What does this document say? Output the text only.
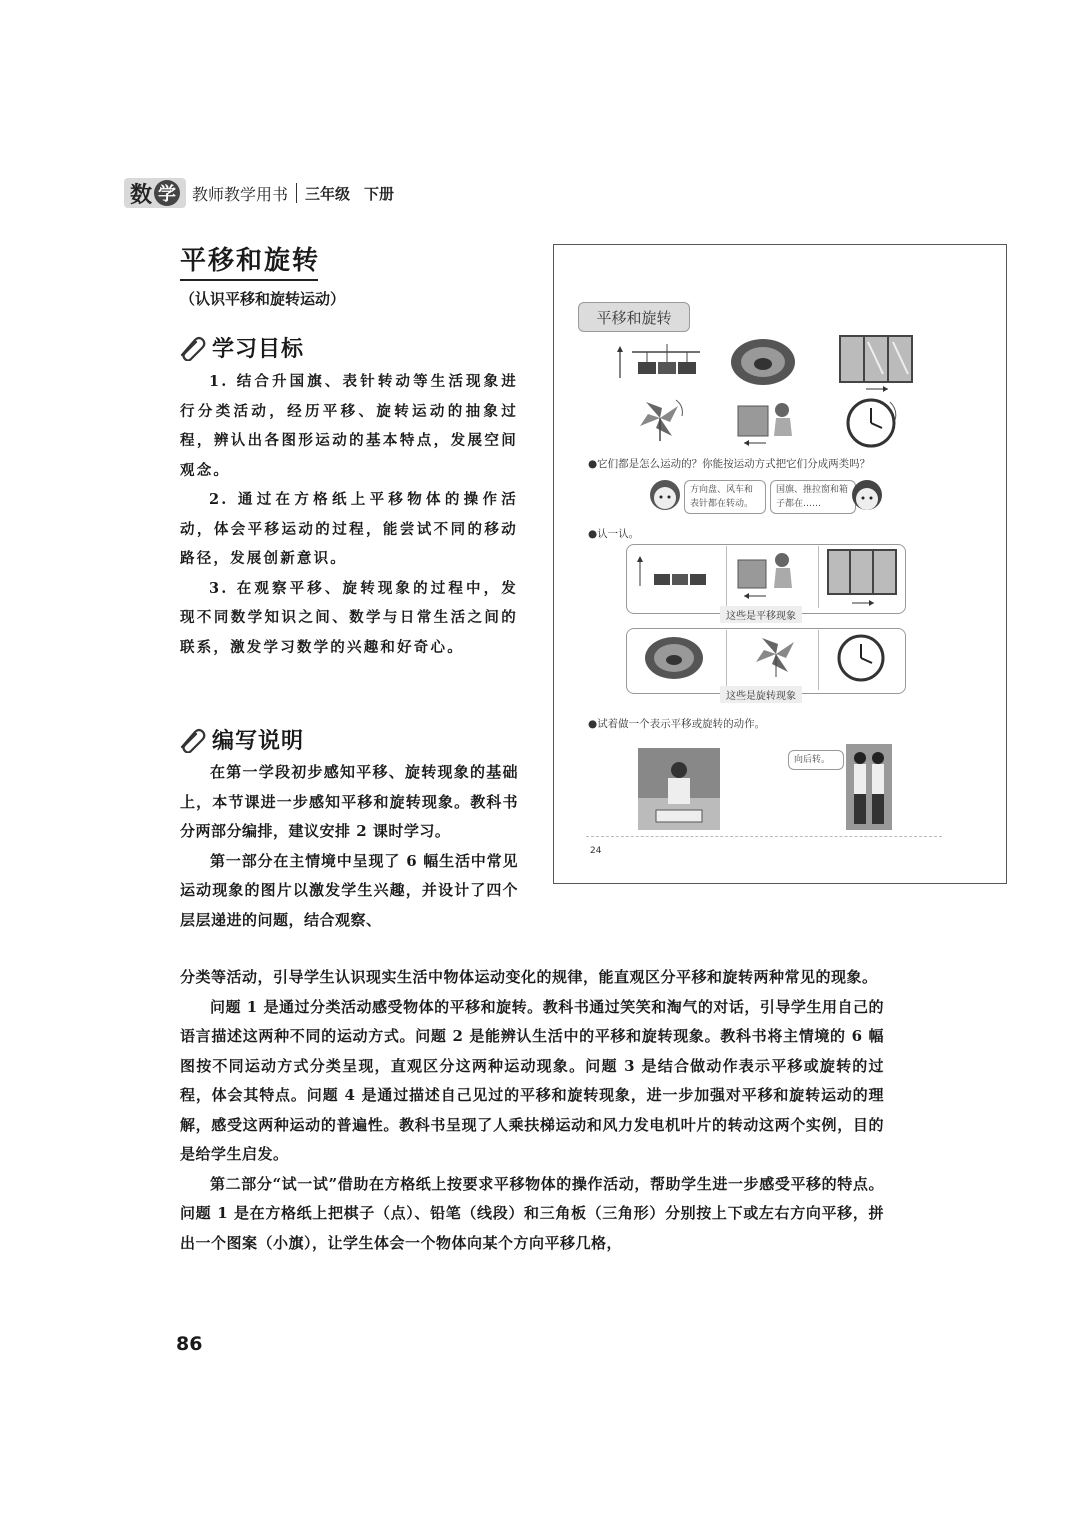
数 学 教师教学用书 三年级 下册
平移和旋转
（认识平移和旋转运动）
学习目标

1. 结合升国旗、表针转动等生活现象进行分类活动，经历平移、旋转运动的抽象过程，辨认出各图形运动的基本特点，发展空间观念。

2. 通过在方格纸上平移物体的操作活动，体会平移运动的过程，能尝试不同的移动路径，发展创新意识。

3. 在观察平移、旋转现象的过程中，发现不同数学知识之间、数学与日常生活之间的联系，激发学习数学的兴趣和好奇心。

编写说明

在第一学段初步感知平移、旋转现象的基础上，本节课进一步感知平移和旋转现象。教科书分两部分编排，建议安排 2 课时学习。

第一部分在主情境中呈现了 6 幅生活中常见运动现象的图片以激发学生兴趣，并设计了四个层层递进的问题，结合观察、

分类等活动，引导学生认识现实生活中物体运动变化的规律，能直观区分平移和旋转两种常见的现象。

问题 1 是通过分类活动感受物体的平移和旋转。教科书通过笑笑和淘气的对话，引导学生用自己的语言描述这两种不同的运动方式。问题 2 是能辨认生活中的平移和旋转现象。教科书将主情境的 6 幅图按不同运动方式分类呈现，直观区分这两种运动现象。问题 3 是结合做动作表示平移或旋转的过程，体会其特点。问题 4 是通过描述自己见过的平移和旋转现象，进一步加强对平移和旋转运动的理解，感受这两种运动的普遍性。教科书呈现了人乘扶梯运动和风力发电机叶片的转动这两个实例，目的是给学生启发。

第二部分“试一试”借助在方格纸上按要求平移物体的操作活动，帮助学生进一步感受平移的特点。问题 1 是在方格纸上把棋子（点）、铅笔（线段）和三角板（三角形）分别按上下或左右方向平移，拼出一个图案（小旗），让学生体会一个物体向某个方向平移几格，

平移和旋转
●它们都是怎么运动的？你能按运动方式把它们分成两类吗？
方向盘、风车和表针都在转动。
国旗、推拉窗和箱子都在……
●认一认。
这些是平移现象
这些是旋转现象
●试着做一个表示平移或旋转的动作。
向后转。
24
86
